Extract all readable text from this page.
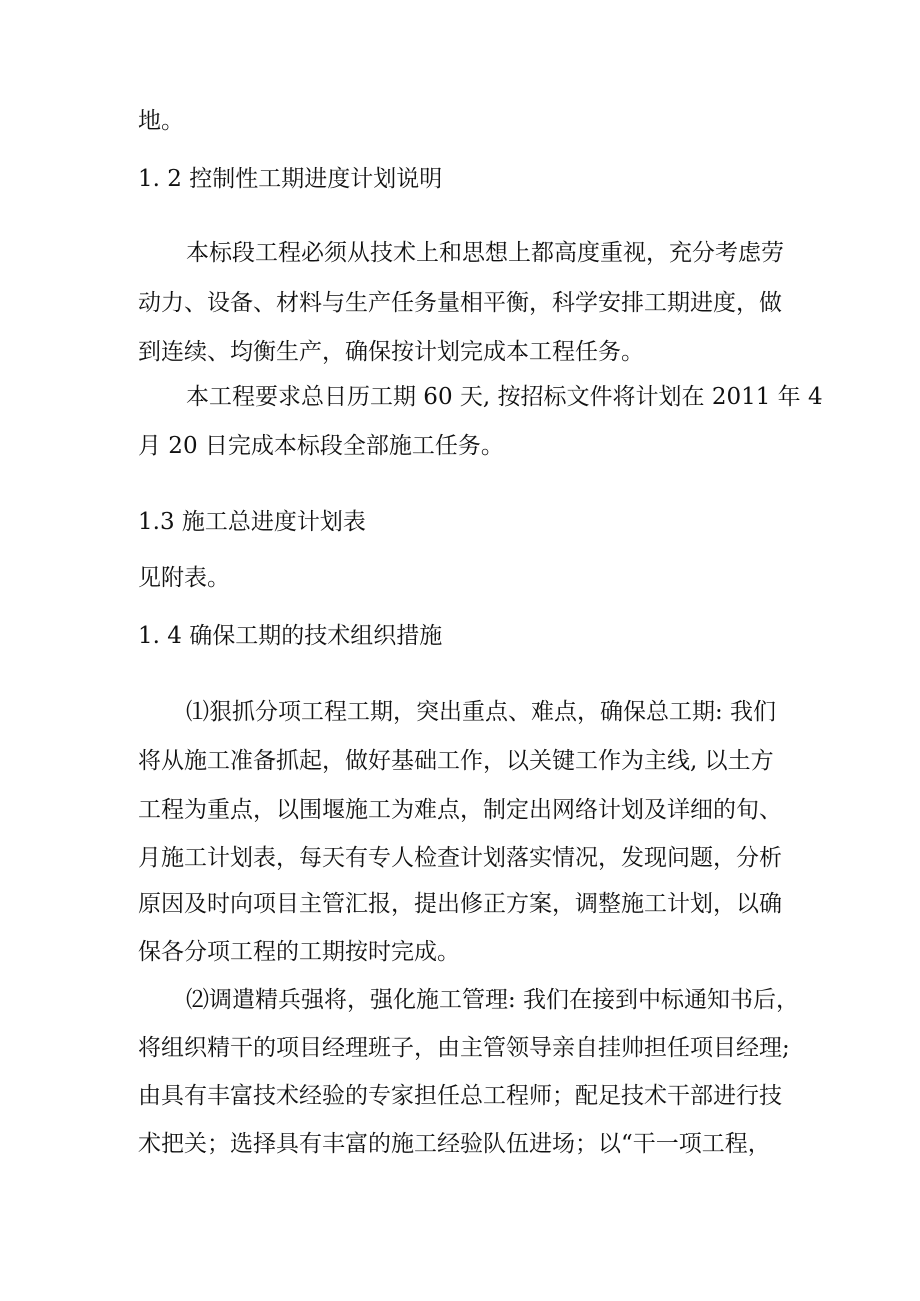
地。

1. 2 控制性工期进度计划说明

本标段工程必须从技术上和思想上都高度重视，充分考虑劳

动力、设备、材料与生产任务量相平衡，科学安排工期进度，做

到连续、均衡生产，确保按计划完成本工程任务。

本工程要求总日历工期 60 天, 按招标文件将计划在 2011 年 4

月 20 日完成本标段全部施工任务。

1.3 施工总进度计划表

见附表。

1. 4 确保工期的技术组织措施

⑴狠抓分项工程工期，突出重点、难点，确保总工期: 我们

将从施工准备抓起，做好基础工作，以关键工作为主线, 以土方

工程为重点，以围堰施工为难点，制定出网络计划及详细的旬、

月施工计划表，每天有专人检查计划落实情况，发现问题，分析

原因及时向项目主管汇报，提出修正方案，调整施工计划，以确

保各分项工程的工期按时完成。

⑵调遣精兵强将，强化施工管理: 我们在接到中标通知书后，

将组织精干的项目经理班子，由主管领导亲自挂帅担任项目经理;

由具有丰富技术经验的专家担任总工程师；配足技术干部进行技

术把关；选择具有丰富的施工经验队伍进场；以“干一项工程，
